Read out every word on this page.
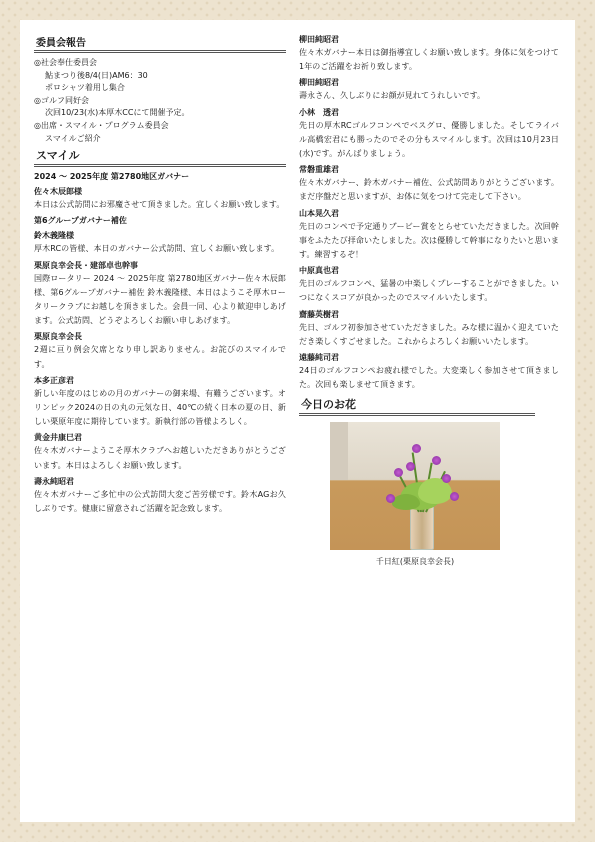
委員会報告
◎社会奉仕委員会
鮎まつり後8/4(日)AM6：30
ポロシャツ着用し集合
◎ゴルフ同好会
次回10/23(水)本厚木CCにて開催予定。
◎出席・スマイル・プログラム委員会
スマイルご紹介
スマイル
2024 ～ 2025年度 第2780地区ガバナー
佐々木辰郎様
本日は公式訪問にお邪魔させて頂きました。宜しくお願い致します。
第6グループガバナー補佐
鈴木義隆様
厚木RCの皆様、本日のガバナー公式訪問、宜しくお願い致します。
栗原良幸会長・建部卓也幹事
国際ロータリー 2024 ～ 2025年度 第2780地区ガバナー佐々木辰郎様、第6グループガバナー補佐 鈴木義隆様、本日はようこそ厚木ロータリークラブにお越しを頂きました。会員一同、心より歓迎申しあげます。公式訪問、どうぞよろしくお願い申しあげます。
栗原良幸会長
2週に亘り例会欠席となり申し訳ありません。お詫びのスマイルです。
本多正彦君
新しい年度のはじめの月のガバナーの御来場、有難うございます。オリンピック2024の日の丸の元気な日、40℃の続く日本の夏の日、新しい栗原年度に期待しています。新執行部の皆様よろしく。
黄金井康巳君
佐々木ガバナーようこそ厚木クラブへお越しいただきありがとうございます。本日はよろしくお願い致します。
壽永純昭君
佐々木ガバナーご多忙中の公式訪問大変ご苦労様です。鈴木AGお久しぶりです。健康に留意されご活躍を記念致します。
柳田純昭君
佐々木ガバナー本日は御指導宜しくお願い致します。身体に気をつけて1年のご活躍をお祈り致します。
柳田純昭君
壽永さん、久しぶりにお顔が見れてうれしいです。
小林　透君
先日の厚木RCゴルフコンペでベスグロ、優勝しました。そしてライバル高橋宏君にも勝ったのでその分もスマイルします。次回は10月23日(水)です。がんばりましょう。
常磐重雄君
佐々木ガバナー、鈴木ガバナー補佐、公式訪問ありがとうございます。まだ序盤だと思いますが、お体に気をつけて完走して下さい。
山本晃久君
先日のコンペで予定通りブービー賞をとらせていただきました。次回幹事をふたたび拝命いたしました。次は優勝して幹事になりたいと思います。練習するぞ！
中原真也君
先日のゴルフコンペ、猛暑の中楽しくプレーすることができました。いつになくスコアが良かったのでスマイルいたします。
齋藤英樹君
先日、ゴルフ初参加させていただきました。みな様に温かく迎えていただき楽しくすごせました。これからよろしくお願いいたします。
遠藤純司君
24日のゴルフコンペお疲れ様でした。大変楽しく参加させて頂きました。次回も楽しませて頂きます。
今日のお花
千日紅(栗原良幸会長)
